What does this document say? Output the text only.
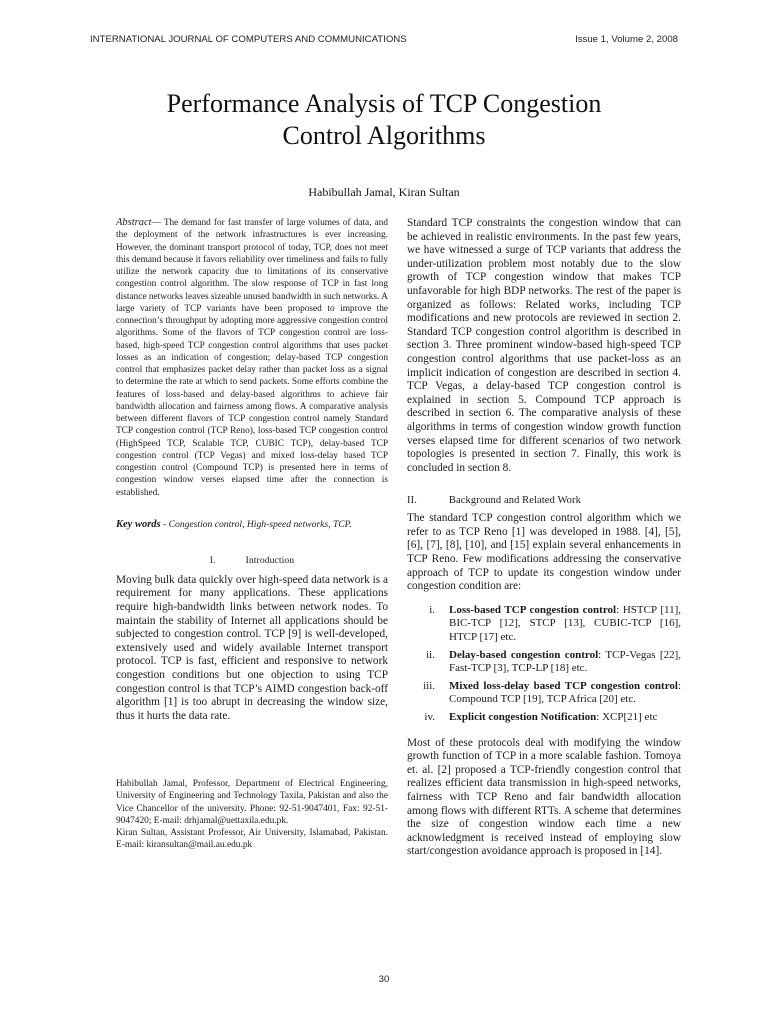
INTERNATIONAL JOURNAL OF COMPUTERS AND COMMUNICATIONS	Issue 1, Volume 2, 2008
Performance Analysis of TCP Congestion
Control Algorithms
Habibullah Jamal, Kiran Sultan

Abstract— The demand for fast transfer of large volumes of data, and the deployment of the network infrastructures is ever increasing. However, the dominant transport protocol of today, TCP, does not meet this demand because it favors reliability over timeliness and fails to fully utilize the network capacity due to limitations of its conservative congestion control algorithm. The slow response of TCP in fast long distance networks leaves sizeable unused bandwidth in such networks. A large variety of TCP variants have been proposed to improve the connection’s throughput by adopting more aggressive congestion control algorithms. Some of the flavors of TCP congestion control are loss-based, high-speed TCP congestion control algorithms that uses packet losses as an indication of congestion; delay-based TCP congestion control that emphasizes packet delay rather than packet loss as a signal to determine the rate at which to send packets. Some efforts combine the features of loss-based and delay-based algorithms to achieve fair bandwidth allocation and fairness among flows. A comparative analysis between different flavors of TCP congestion control namely Standard TCP congestion control (TCP Reno), loss-based TCP congestion control (HighSpeed TCP, Scalable TCP, CUBIC TCP), delay-based TCP congestion control (TCP Vegas) and mixed loss-delay based TCP congestion control (Compound TCP) is presented here in terms of congestion window verses elapsed time after the connection is established.

Key words - Congestion control, High-speed networks, TCP.
I.	Introduction

Moving bulk data quickly over high-speed data network is a requirement for many applications. These applications require high-bandwidth links between network nodes. To maintain the stability of Internet all applications should be subjected to congestion control. TCP [9] is well-developed, extensively used and widely available Internet transport protocol. TCP is fast, efficient and responsive to network congestion conditions but one objection to using TCP congestion control is that TCP’s AIMD congestion back-off algorithm [1] is too abrupt in decreasing the window size, thus it hurts the data rate.

Habibullah Jamal, Professor, Department of Electrical Engineering, University of Engineering and Technology Taxila, Pakistan and also the Vice Chancellor of the university. Phone: 92-51-9047401, Fax: 92-51-9047420; E-mail: drhjamal@uettaxila.edu.pk.

Kiran Sultan, Assistant Professor, Air University, Islamabad, Pakistan. E-mail: kiransultan@mail.au.edu.pk

Standard TCP constraints the congestion window that can be achieved in realistic environments. In the past few years, we have witnessed a surge of TCP variants that address the under-utilization problem most notably due to the slow growth of TCP congestion window that makes TCP unfavorable for high BDP networks. The rest of the paper is organized as follows: Related works, including TCP modifications and new protocols are reviewed in section 2. Standard TCP congestion control algorithm is described in section 3. Three prominent window-based high-speed TCP congestion control algorithms that use packet-loss as an implicit indication of congestion are described in section 4. TCP Vegas, a delay-based TCP congestion control is explained in section 5. Compound TCP approach is described in section 6. The comparative analysis of these algorithms in terms of congestion window growth function verses elapsed time for different scenarios of two network topologies is presented in section 7. Finally, this work is concluded in section 8.

II.	Background and Related Work

The standard TCP congestion control algorithm which we refer to as TCP Reno [1] was developed in 1988. [4], [5], [6], [7], [8], [10], and [15] explain several enhancements in TCP Reno. Few modifications addressing the conservative approach of TCP to update its congestion window under congestion condition are:

i.	Loss-based TCP congestion control: HSTCP [11], BIC-TCP [12], STCP [13], CUBIC-TCP [16], HTCP [17] etc.
ii.	Delay-based congestion control: TCP-Vegas [22], Fast-TCP [3], TCP-LP [18] etc.
iii.	Mixed loss-delay based TCP congestion control: Compound TCP [19], TCP Africa [20] etc.
iv.	Explicit congestion Notification: XCP[21] etc

Most of these protocols deal with modifying the window growth function of TCP in a more scalable fashion. Tomoya et. al. [2] proposed a TCP-friendly congestion control that realizes efficient data transmission in high-speed networks, fairness with TCP Reno and fair bandwidth allocation among flows with different RTTs. A scheme that determines the size of congestion window each time a new acknowledgment is received instead of employing slow start/congestion avoidance approach is proposed in [14].

30
